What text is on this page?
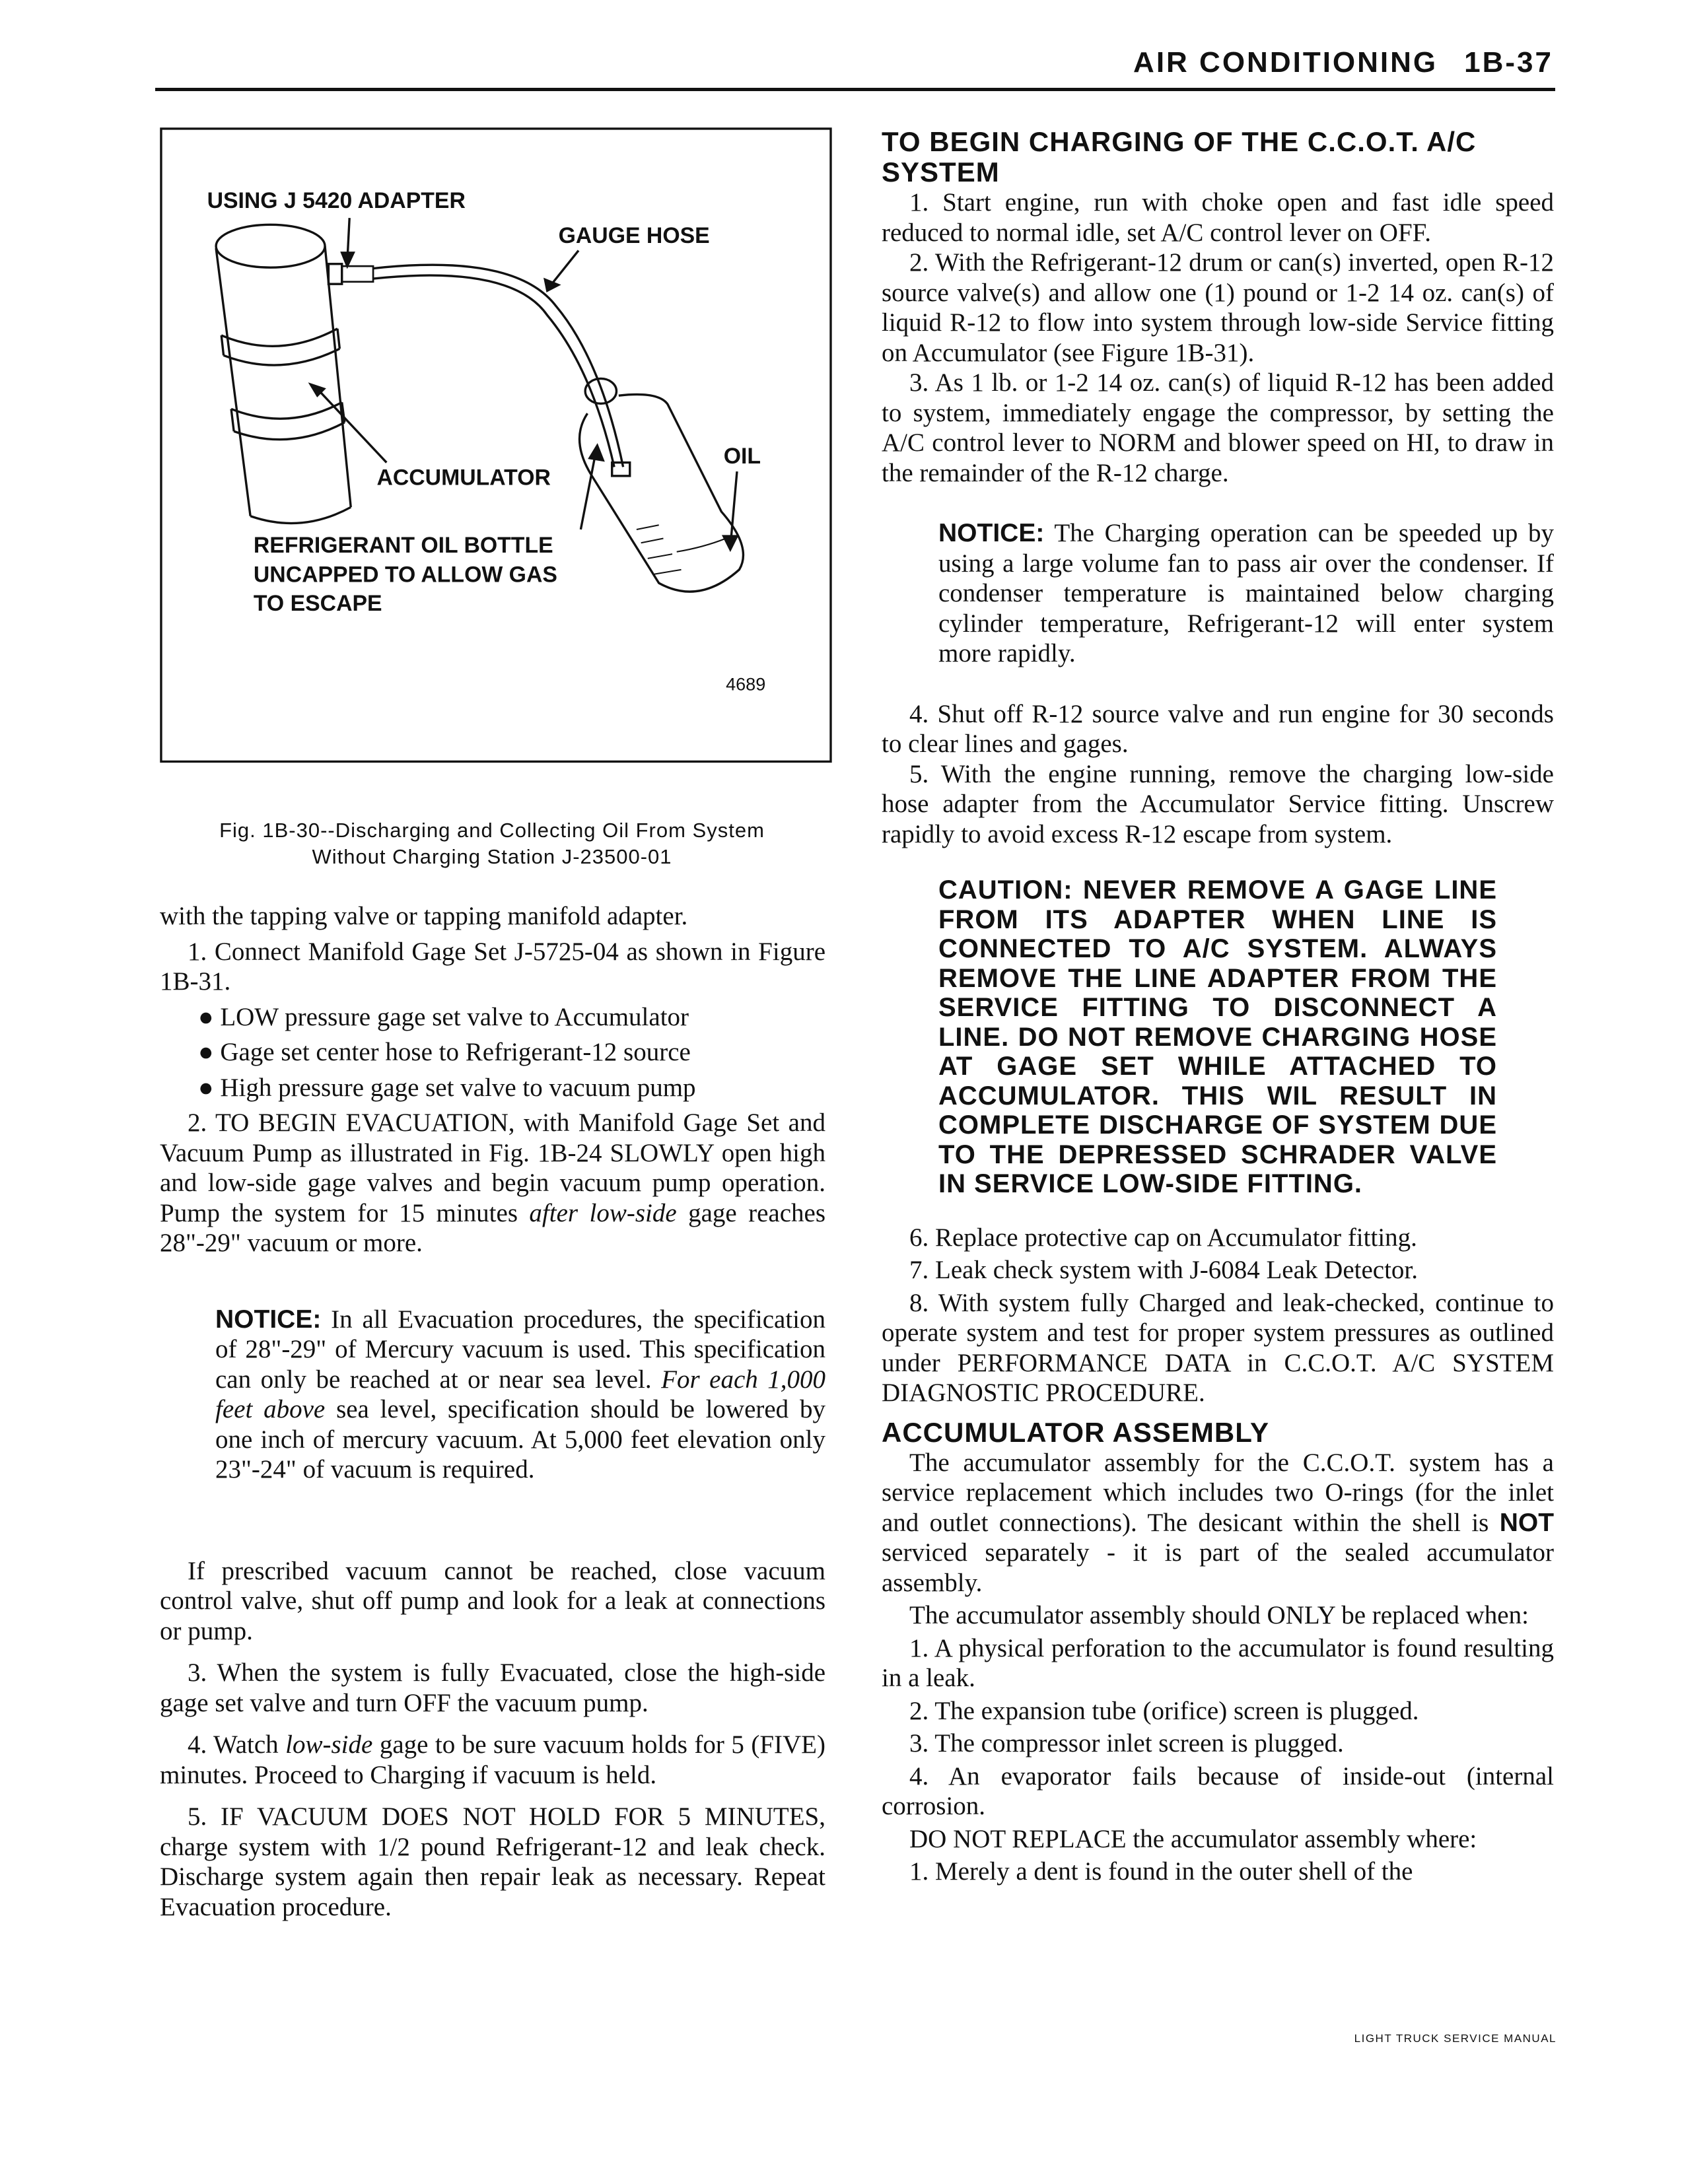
AIR CONDITIONING 1B-37
USING J 5420 ADAPTER
GAUGE HOSE
ACCUMULATOR
OIL
REFRIGERANT OIL BOTTLE
UNCAPPED TO ALLOW GAS
TO ESCAPE
4689
Fig. 1B-30--Discharging and Collecting Oil From System
Without Charging Station J-23500-01

with the tapping valve or tapping manifold adapter.

1. Connect Manifold Gage Set J-5725-04 as shown in Figure 1B-31.

● LOW pressure gage set valve to Accumulator

● Gage set center hose to Refrigerant-12 source

● High pressure gage set valve to vacuum pump

2. TO BEGIN EVACUATION, with Manifold Gage Set and Vacuum Pump as illustrated in Fig. 1B-24 SLOWLY open high and low-side gage valves and begin vacuum pump operation. Pump the system for 15 minutes after low-side gage reaches 28"-29" vacuum or more.

NOTICE: In all Evacuation procedures, the specification of 28"-29" of Mercury vacuum is used. This specification can only be reached at or near sea level. For each 1,000 feet above sea level, specification should be lowered by one inch of mercury vacuum. At 5,000 feet elevation only 23"-24" of vacuum is required.

If prescribed vacuum cannot be reached, close vacuum control valve, shut off pump and look for a leak at connections or pump.

3. When the system is fully Evacuated, close the high-side gage set valve and turn OFF the vacuum pump.

4. Watch low-side gage to be sure vacuum holds for 5 (FIVE) minutes. Proceed to Charging if vacuum is held.

5. IF VACUUM DOES NOT HOLD FOR 5 MINUTES, charge system with 1/2 pound Refrigerant-12 and leak check. Discharge system again then repair leak as necessary. Repeat Evacuation procedure.

TO BEGIN CHARGING OF THE C.C.O.T. A/C SYSTEM

1. Start engine, run with choke open and fast idle speed reduced to normal idle, set A/C control lever on OFF.

2. With the Refrigerant-12 drum or can(s) inverted, open R-12 source valve(s) and allow one (1) pound or 1-2 14 oz. can(s) of liquid R-12 to flow into system through low-side Service fitting on Accumulator (see Figure 1B-31).

3. As 1 lb. or 1-2 14 oz. can(s) of liquid R-12 has been added to system, immediately engage the compressor, by setting the A/C control lever to NORM and blower speed on HI, to draw in the remainder of the R-12 charge.

NOTICE: The Charging operation can be speeded up by using a large volume fan to pass air over the condenser. If condenser temperature is maintained below charging cylinder temperature, Refrigerant-12 will enter system more rapidly.

4. Shut off R-12 source valve and run engine for 30 seconds to clear lines and gages.

5. With the engine running, remove the charging low-side hose adapter from the Accumulator Service fitting. Unscrew rapidly to avoid excess R-12 escape from system.

CAUTION: NEVER REMOVE A GAGE LINE FROM ITS ADAPTER WHEN LINE IS CONNECTED TO A/C SYSTEM. ALWAYS REMOVE THE LINE ADAPTER FROM THE SERVICE FITTING TO DISCONNECT A LINE. DO NOT REMOVE CHARGING HOSE AT GAGE SET WHILE ATTACHED TO ACCUMULATOR. THIS WIL RESULT IN COMPLETE DISCHARGE OF SYSTEM DUE TO THE DEPRESSED SCHRADER VALVE IN SERVICE LOW-SIDE FITTING.

6. Replace protective cap on Accumulator fitting.

7. Leak check system with J-6084 Leak Detector.

8. With system fully Charged and leak-checked, continue to operate system and test for proper system pressures as outlined under PERFORMANCE DATA in C.C.O.T. A/C SYSTEM DIAGNOSTIC PROCEDURE.

ACCUMULATOR ASSEMBLY

The accumulator assembly for the C.C.O.T. system has a service replacement which includes two O-rings (for the inlet and outlet connections). The desicant within the shell is NOT serviced separately - it is part of the sealed accumulator assembly.

The accumulator assembly should ONLY be replaced when:

1. A physical perforation to the accumulator is found resulting in a leak.

2. The expansion tube (orifice) screen is plugged.

3. The compressor inlet screen is plugged.

4. An evaporator fails because of inside-out (internal corrosion.

DO NOT REPLACE the accumulator assembly where:

1. Merely a dent is found in the outer shell of the

LIGHT TRUCK SERVICE MANUAL
